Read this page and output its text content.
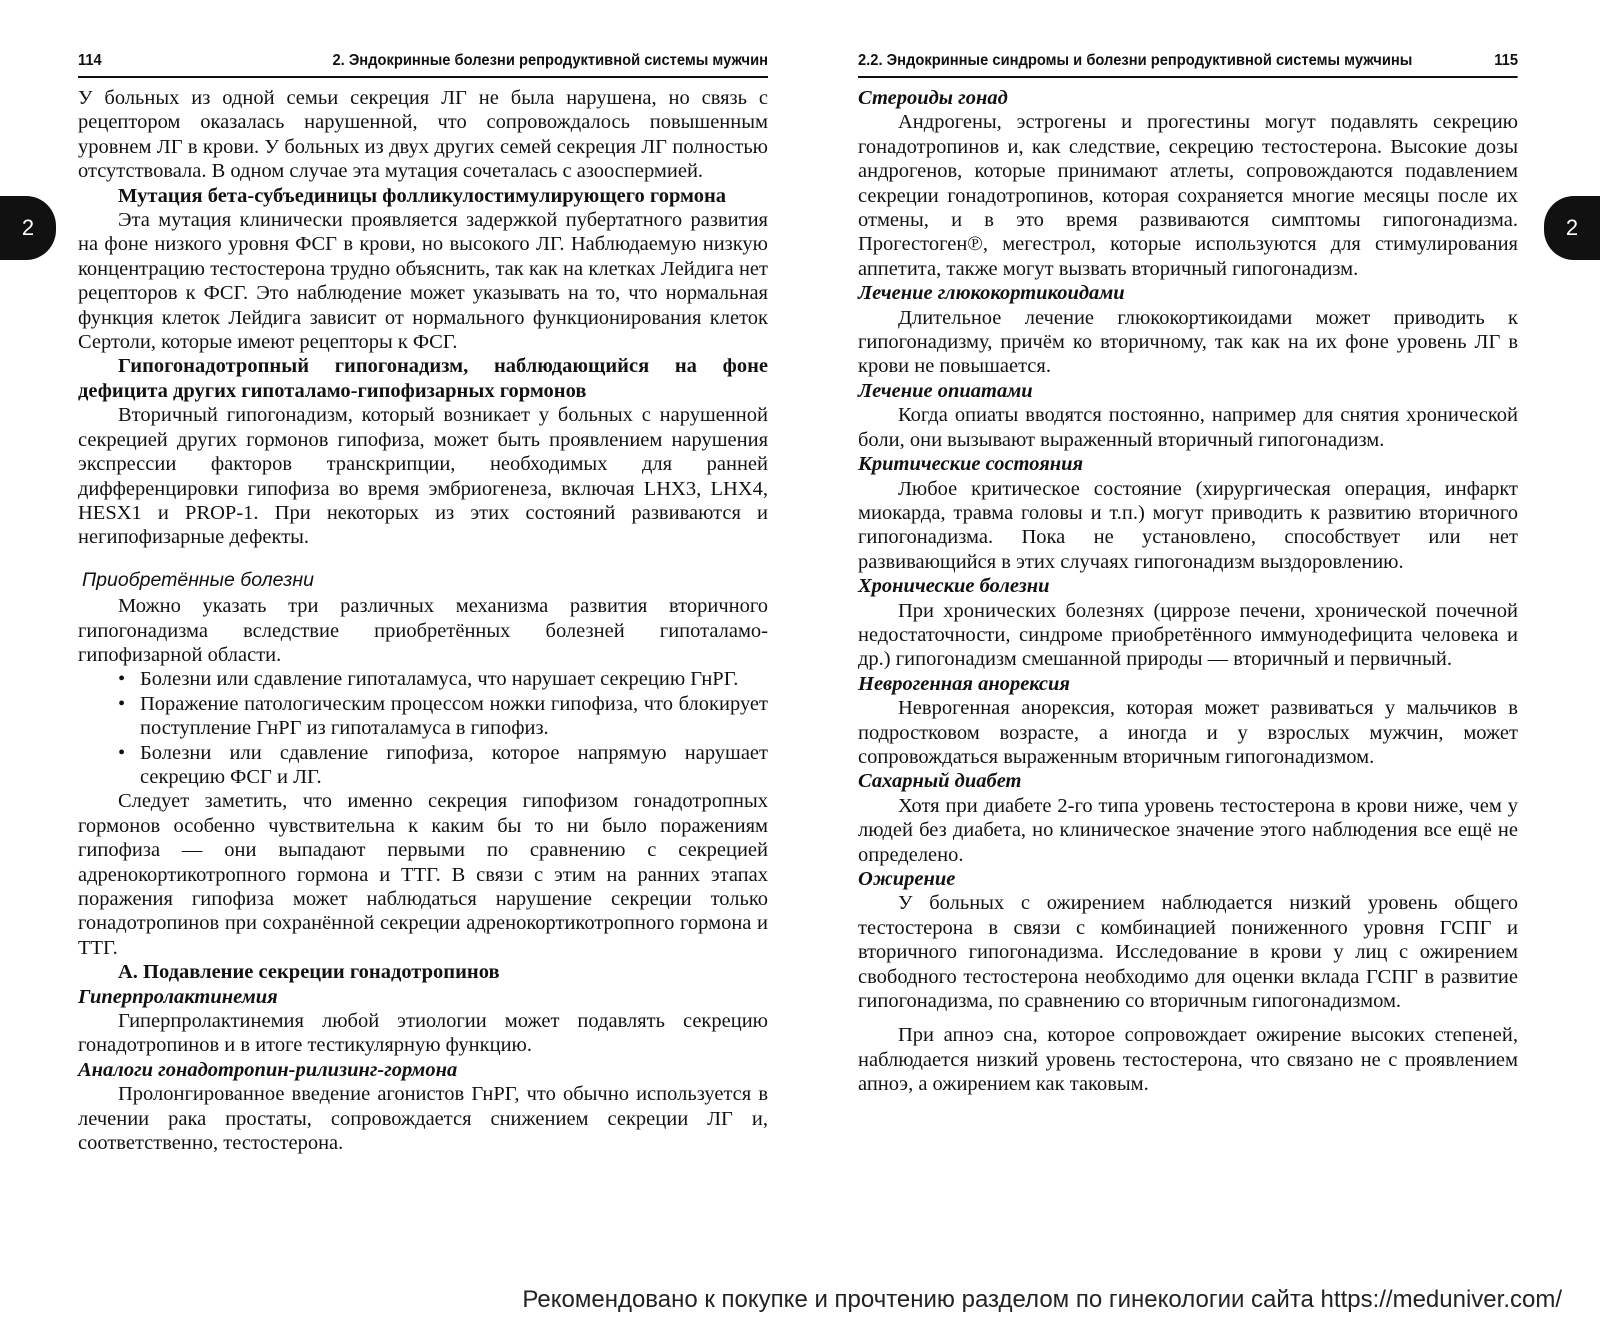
2	2
114	2. Эндокринные болезни репродуктивной системы мужчин

У больных из одной семьи секреция ЛГ не была нарушена, но связь с рецептором оказалась нарушенной, что сопровождалось повышенным уровнем ЛГ в крови. У больных из двух других семей секреция ЛГ полностью отсутствовала. В одном случае эта мутация сочеталась с азооспермией.

Мутация бета-субъединицы фолликулостимулирующего гормона

Эта мутация клинически проявляется задержкой пубертатного развития на фоне низкого уровня ФСГ в крови, но высокого ЛГ. Наблюдаемую низкую концентрацию тестостерона трудно объяснить, так как на клетках Лейдига нет рецепторов к ФСГ. Это наблюдение может указывать на то, что нормальная функция клеток Лейдига зависит от нормального функционирования клеток Сертоли, которые имеют рецепторы к ФСГ.

Гипогонадотропный гипогонадизм, наблюдающийся на фоне дефицита других гипоталамо-гипофизарных гормонов

Вторичный гипогонадизм, который возникает у больных с нарушенной секрецией других гормонов гипофиза, может быть проявлением нарушения экспрессии факторов транскрипции, необходимых для ранней дифференцировки гипофиза во время эмбриогенеза, включая LHX3, LHX4, HESX1 и PROP-1. При некоторых из этих состояний развиваются и негипофизарные дефекты.

Приобретённые болезни

Можно указать три различных механизма развития вторичного гипогонадизма вследствие приобретённых болезней гипоталамо-гипофизарной области.

• Болезни или сдавление гипоталамуса, что нарушает секрецию ГнРГ.
• Поражение патологическим процессом ножки гипофиза, что блокирует поступление ГнРГ из гипоталамуса в гипофиз.
• Болезни или сдавление гипофиза, которое напрямую нарушает секрецию ФСГ и ЛГ.

Следует заметить, что именно секреция гипофизом гонадотропных гормонов особенно чувствительна к каким бы то ни было поражениям гипофиза — они выпадают первыми по сравнению с секрецией адренокортикотропного гормона и ТТГ. В связи с этим на ранних этапах поражения гипофиза может наблюдаться нарушение секреции только гонадотропинов при сохранённой секреции адренокортикотропного гормона и ТТГ.

А. Подавление секреции гонадотропинов

Гиперпролактинемия

Гиперпролактинемия любой этиологии может подавлять секрецию гонадотропинов и в итоге тестикулярную функцию.

Аналоги гонадотропин-рилизинг-гормона

Пролонгированное введение агонистов ГнРГ, что обычно используется в лечении рака простаты, сопровождается снижением секреции ЛГ и, соответственно, тестостерона.

2.2. Эндокринные синдромы и болезни репродуктивной системы мужчины	115

Стероиды гонад

Андрогены, эстрогены и прогестины могут подавлять секрецию гонадотропинов и, как следствие, секрецию тестостерона. Высокие дозы андрогенов, которые принимают атлеты, сопровождаются подавлением секреции гонадотропинов, которая сохраняется многие месяцы после их отмены, и в это время развиваются симптомы гипогонадизма. Прогестоген℗, мегестрол, которые используются для стимулирования аппетита, также могут вызвать вторичный гипогонадизм.

Лечение глюкокортикоидами

Длительное лечение глюкокортикоидами может приводить к гипогонадизму, причём ко вторичному, так как на их фоне уровень ЛГ в крови не повышается.

Лечение опиатами

Когда опиаты вводятся постоянно, например для снятия хронической боли, они вызывают выраженный вторичный гипогонадизм.

Критические состояния

Любое критическое состояние (хирургическая операция, инфаркт миокарда, травма головы и т.п.) могут приводить к развитию вторичного гипогонадизма. Пока не установлено, способствует или нет развивающийся в этих случаях гипогонадизм выздоровлению.

Хронические болезни

При хронических болезнях (циррозе печени, хронической почечной недостаточности, синдроме приобретённого иммунодефицита человека и др.) гипогонадизм смешанной природы — вторичный и первичный.

Неврогенная анорексия

Неврогенная анорексия, которая может развиваться у мальчиков в подростковом возрасте, а иногда и у взрослых мужчин, может сопровождаться выраженным вторичным гипогонадизмом.

Сахарный диабет

Хотя при диабете 2-го типа уровень тестостерона в крови ниже, чем у людей без диабета, но клиническое значение этого наблюдения все ещё не определено.

Ожирение

У больных с ожирением наблюдается низкий уровень общего тестостерона в связи с комбинацией пониженного уровня ГСПГ и вторичного гипогонадизма. Исследование в крови у лиц с ожирением свободного тестостерона необходимо для оценки вклада ГСПГ в развитие гипогонадизма, по сравнению со вторичным гипогонадизмом.

При апноэ сна, которое сопровождает ожирение высоких степеней, наблюдается низкий уровень тестостерона, что связано не с проявлением апноэ, а ожирением как таковым.

Рекомендовано к покупке и прочтению разделом по гинекологии сайта https://meduniver.com/
